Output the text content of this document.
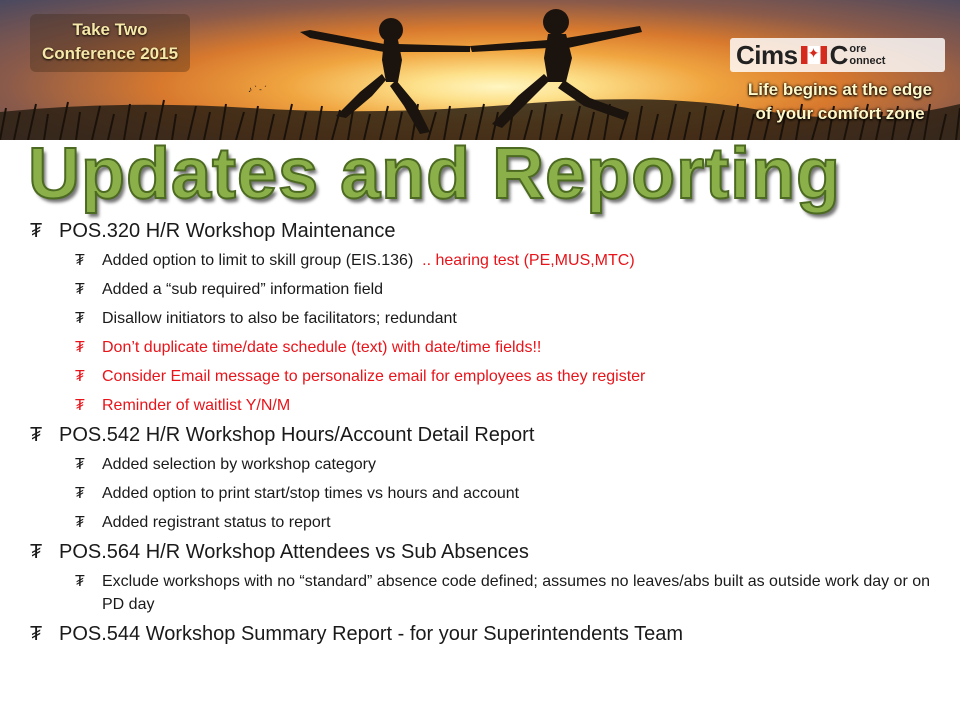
♪ ˋ - ˊ
Take Two
Conference 2015	Cims
✦ C ore
onnect
Life begins at the edge
of your comfort zone
Updates and Reporting
₮ POS.320 H/R Workshop Maintenance
₮	Added option to limit to skill group (EIS.136) .. hearing test (PE,MUS,MTC)
₮	Added a “sub required” information field
₮	Disallow initiators to also be facilitators; redundant
₮	Don’t duplicate time/date schedule (text) with date/time fields!!
₮	Consider Email message to personalize email for employees as they register
₮	Reminder of waitlist Y/N/M
₮ POS.542 H/R Workshop Hours/Account Detail Report
₮	Added selection by workshop category
₮	Added option to print start/stop times vs hours and account
₮	Added registrant status to report
₮ POS.564 H/R Workshop Attendees vs Sub Absences
₮	Exclude workshops with no “standard” absence code defined; assumes no leaves/abs built as outside work day or on PD day
₮ POS.544 Workshop Summary Report - for your Superintendents Team
